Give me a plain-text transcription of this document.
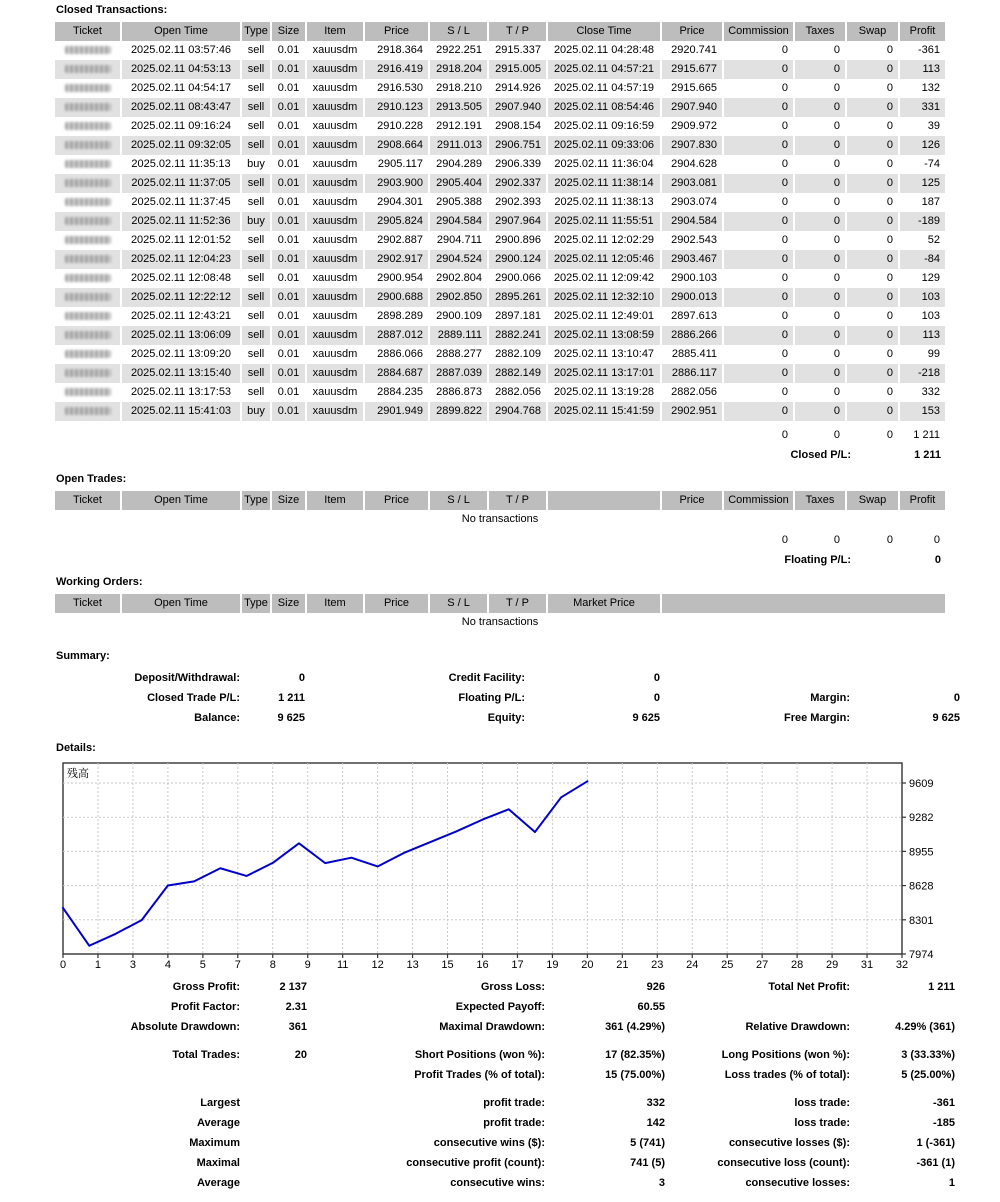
Closed Transactions:
Ticket	Open Time	Type Size	Item	Price	S / L	T / P	Close Time	Price	Commission	Taxes	Swap	Profit
2025.02.11 03:57:46	sell	0.01	xauusdm	2918.364	2922.251	2915.337	2025.02.11 04:28:48	2920.741	0	0	0	-361
2025.02.11 04:53:13	sell	0.01	xauusdm	2916.419	2918.204	2915.005	2025.02.11 04:57:21	2915.677	0	0	0	113
2025.02.11 04:54:17	sell	0.01	xauusdm	2916.530	2918.210	2914.926	2025.02.11 04:57:19	2915.665	0	0	0	132
2025.02.11 08:43:47	sell	0.01	xauusdm	2910.123	2913.505	2907.940	2025.02.11 08:54:46	2907.940	0	0	0	331
2025.02.11 09:16:24	sell	0.01	xauusdm	2910.228	2912.191	2908.154	2025.02.11 09:16:59	2909.972	0	0	0	39
2025.02.11 09:32:05	sell	0.01	xauusdm	2908.664	2911.013	2906.751	2025.02.11 09:33:06	2907.830	0	0	0	126
2025.02.11 11:35:13	buy	0.01	xauusdm	2905.117	2904.289	2906.339	2025.02.11 11:36:04	2904.628	0	0	0	-74
2025.02.11 11:37:05	sell	0.01	xauusdm	2903.900	2905.404	2902.337	2025.02.11 11:38:14	2903.081	0	0	0	125
2025.02.11 11:37:45	sell	0.01	xauusdm	2904.301	2905.388	2902.393	2025.02.11 11:38:13	2903.074	0	0	0	187
2025.02.11 11:52:36	buy	0.01	xauusdm	2905.824	2904.584	2907.964	2025.02.11 11:55:51	2904.584	0	0	0	-189
2025.02.11 12:01:52	sell	0.01	xauusdm	2902.887	2904.711	2900.896	2025.02.11 12:02:29	2902.543	0	0	0	52
2025.02.11 12:04:23	sell	0.01	xauusdm	2902.917	2904.524	2900.124	2025.02.11 12:05:46	2903.467	0	0	0	-84
2025.02.11 12:08:48	sell	0.01	xauusdm	2900.954	2902.804	2900.066	2025.02.11 12:09:42	2900.103	0	0	0	129
2025.02.11 12:22:12	sell	0.01	xauusdm	2900.688	2902.850	2895.261	2025.02.11 12:32:10	2900.013	0	0	0	103
2025.02.11 12:43:21	sell	0.01	xauusdm	2898.289	2900.109	2897.181	2025.02.11 12:49:01	2897.613	0	0	0	103
2025.02.11 13:06:09	sell	0.01	xauusdm	2887.012	2889.111	2882.241	2025.02.11 13:08:59	2886.266	0	0	0	113
2025.02.11 13:09:20	sell	0.01	xauusdm	2886.066	2888.277	2882.109	2025.02.11 13:10:47	2885.411	0	0	0	99
2025.02.11 13:15:40	sell	0.01	xauusdm	2884.687	2887.039	2882.149	2025.02.11 13:17:01	2886.117	0	0	0	-218
2025.02.11 13:17:53	sell	0.01	xauusdm	2884.235	2886.873	2882.056	2025.02.11 13:19:28	2882.056	0	0	0	332
2025.02.11 15:41:03	buy	0.01	xauusdm	2901.949	2899.822	2904.768	2025.02.11 15:41:59	2902.951	0	0	0	153
0	0	0	1 211
Closed P/L:	1 211
Open Trades:
Ticket	Open Time	Type Size	Item	Price	S / L	T / P	Price	Commission	Taxes	Swap	Profit
No transactions
0	0	0	0
Floating P/L:	0
Working Orders:
Ticket	Open Time	Type Size	Item	Price	S / L	T / P	Market Price
No transactions
Summary:
Deposit/Withdrawal:	0	Credit Facility:	0
Closed Trade P/L:	1 211	Floating P/L:	0	Margin:	0
Balance:	9 625	Equity:	9 625	Free Margin:	9 625
Details:
9609
9282
8955
8628
8301
7974
0	1	3	4	5	7	8	9 11 12 13 15 16 17 19 20 21 23 24 25 27 28 29 31 32
残高
Gross Profit:	2 137	Gross Loss:	926	Total Net Profit:	1 211
Profit Factor:	2.31	Expected Payoff:	60.55
Absolute Drawdown:	361	Maximal Drawdown:	361 (4.29%)	Relative Drawdown:	4.29% (361)
Total Trades:	20	Short Positions (won %):	17 (82.35%)	Long Positions (won %):	3 (33.33%)
Profit Trades (% of total):	15 (75.00%)	Loss trades (% of total):	5 (25.00%)
Largest	profit trade:	332	loss trade:	-361
Average	profit trade:	142	loss trade:	-185
Maximum	consecutive wins ($):	5 (741)	consecutive losses ($):	1 (-361)
Maximal	consecutive profit (count):	741 (5)	consecutive loss (count):	-361 (1)
Average	consecutive wins:	3	consecutive losses:	1
